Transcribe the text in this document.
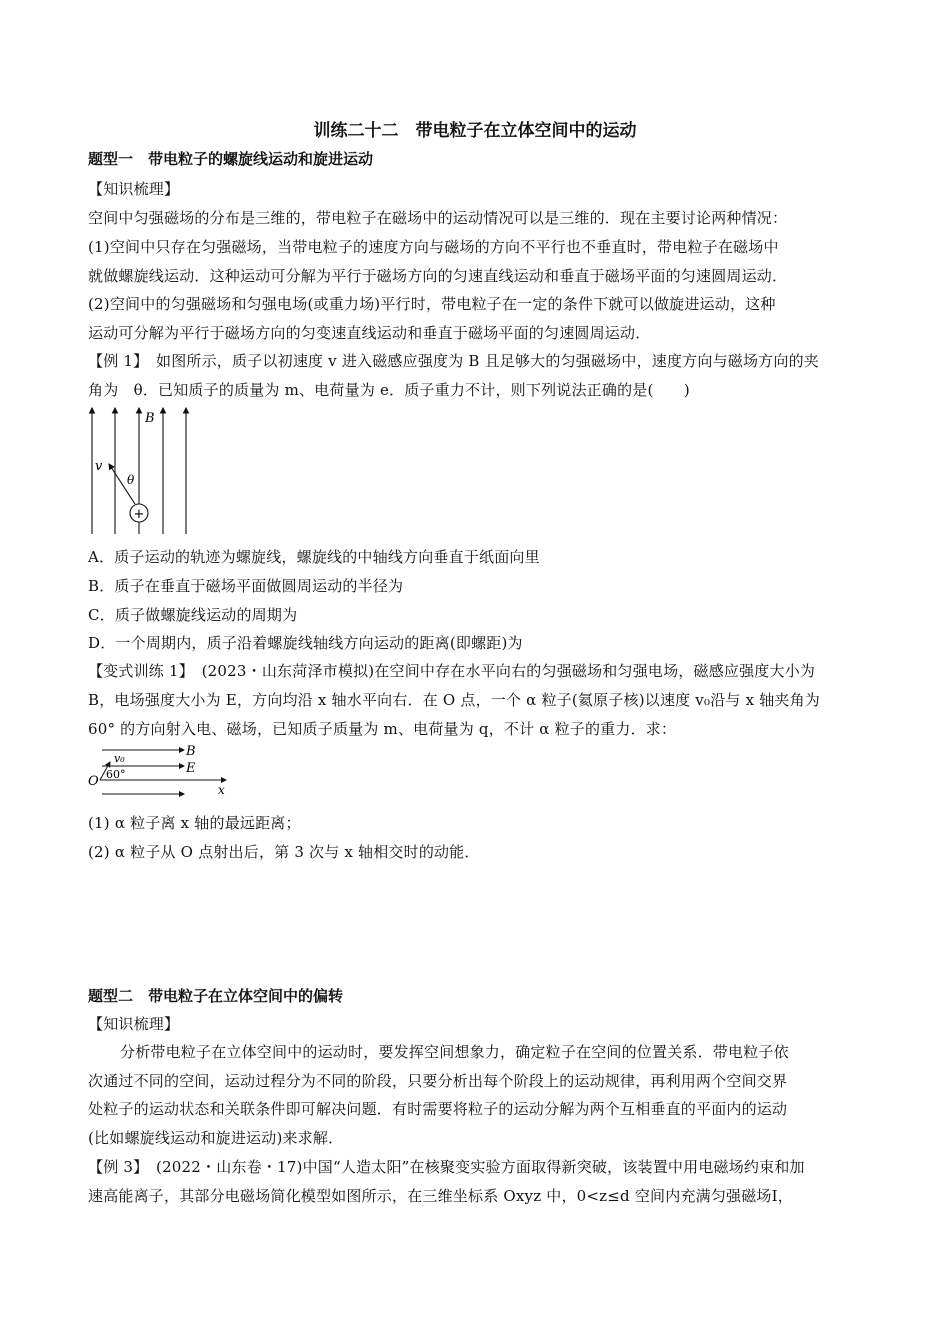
训练二十二　带电粒子在立体空间中的运动
题型一　带电粒子的螺旋线运动和旋进运动
【知识梳理】
空间中匀强磁场的分布是三维的，带电粒子在磁场中的运动情况可以是三维的．现在主要讨论两种情况：
(1)空间中只存在匀强磁场，当带电粒子的速度方向与磁场的方向不平行也不垂直时，带电粒子在磁场中
就做螺旋线运动．这种运动可分解为平行于磁场方向的匀速直线运动和垂直于磁场平面的匀速圆周运动．
(2)空间中的匀强磁场和匀强电场(或重力场)平行时，带电粒子在一定的条件下就可以做旋进运动，这种
运动可分解为平行于磁场方向的匀变速直线运动和垂直于磁场平面的匀速圆周运动．
【例 1】　如图所示，质子以初速度 v 进入磁感应强度为 B 且足够大的匀强磁场中，速度方向与磁场方向的夹
角为　θ．已知质子的质量为 m、电荷量为 e．质子重力不计，则下列说法正确的是(　　)
+
B
v
θ
A．质子运动的轨迹为螺旋线，螺旋线的中轴线方向垂直于纸面向里
B．质子在垂直于磁场平面做圆周运动的半径为
C．质子做螺旋线运动的周期为
D．一个周期内，质子沿着螺旋线轴线方向运动的距离(即螺距)为
【变式训练 1】　(2023・山东菏泽市模拟)在空间中存在水平向右的匀强磁场和匀强电场，磁感应强度大小为
B，电场强度大小为 E，方向均沿 x 轴水平向右．在 O 点，一个 α 粒子(氦原子核)以速度 v₀沿与 x 轴夹角为
60° 的方向射入电、磁场，已知质子质量为 m、电荷量为 q，不计 α 粒子的重力．求：
B
E
v₀
60°
O
x
(1) α 粒子离 x 轴的最远距离；
(2) α 粒子从 O 点射出后，第 3 次与 x 轴相交时的动能．
题型二　带电粒子在立体空间中的偏转
【知识梳理】
分析带电粒子在立体空间中的运动时，要发挥空间想象力，确定粒子在空间的位置关系．带电粒子依
次通过不同的空间，运动过程分为不同的阶段，只要分析出每个阶段上的运动规律，再利用两个空间交界
处粒子的运动状态和关联条件即可解决问题．有时需要将粒子的运动分解为两个互相垂直的平面内的运动
(比如螺旋线运动和旋进运动)来求解．
【例 3】　(2022・山东卷・17)中国“人造太阳”在核聚变实验方面取得新突破，该装置中用电磁场约束和加
速高能离子，其部分电磁场简化模型如图所示，在三维坐标系 Oxyz 中，0<z≤d 空间内充满匀强磁场Ⅰ，
